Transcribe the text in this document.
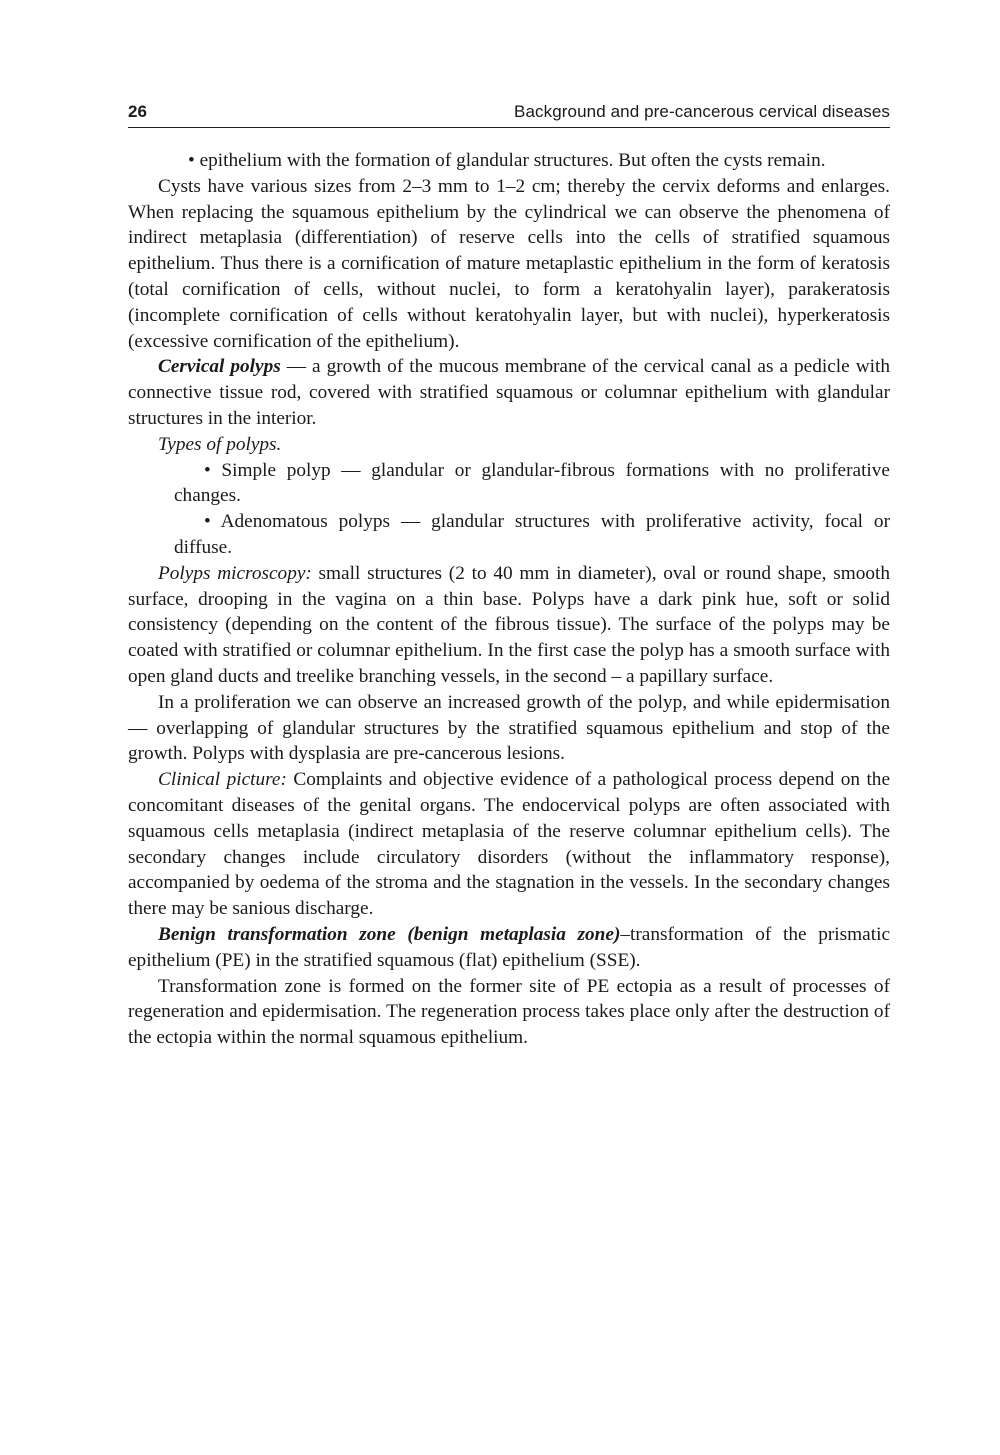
26	Background and pre-cancerous cervical diseases

• epithelium with the formation of glandular structures. But often the cysts remain.

Cysts have various sizes from 2–3 mm to 1–2 cm; thereby the cervix deforms and enlarges. When replacing the squamous epithelium by the cylindrical we can observe the phenomena of indirect metaplasia (differentiation) of reserve cells into the cells of stratified squamous epithelium. Thus there is a cornification of mature metaplastic epithelium in the form of keratosis (total cornification of cells, without nuclei, to form a keratohyalin layer), parakeratosis (incomplete cornification of cells without keratohyalin layer, but with nuclei), hyperkeratosis (excessive cornification of the epithelium).

Cervical polyps — a growth of the mucous membrane of the cervical canal as a pedicle with connective tissue rod, covered with stratified squamous or columnar epithelium with glandular structures in the interior.

Types of polyps.

• Simple polyp — glandular or glandular-fibrous formations with no proliferative changes.

• Adenomatous polyps — glandular structures with proliferative activity, focal or diffuse.

Polyps microscopy: small structures (2 to 40 mm in diameter), oval or round shape, smooth surface, drooping in the vagina on a thin base. Polyps have a dark pink hue, soft or solid consistency (depending on the content of the fibrous tissue). The surface of the polyps may be coated with stratified or columnar epithelium. In the first case the polyp has a smooth surface with open gland ducts and treelike branching vessels, in the second – a papillary surface.

In a proliferation we can observe an increased growth of the polyp, and while epidermisation — overlapping of glandular structures by the stratified squamous epithelium and stop of the growth. Polyps with dysplasia are pre-cancerous lesions.

Clinical picture: Complaints and objective evidence of a pathological process depend on the concomitant diseases of the genital organs. The endocervical polyps are often associated with squamous cells metaplasia (indirect metaplasia of the reserve columnar epithelium cells). The secondary changes include circulatory disorders (without the inflammatory response), accompanied by oedema of the stroma and the stagnation in the vessels. In the secondary changes there may be sanious discharge.

Benign transformation zone (benign metaplasia zone)–transformation of the prismatic epithelium (PE) in the stratified squamous (flat) epithelium (SSE).

Transformation zone is formed on the former site of PE ectopia as a result of processes of regeneration and epidermisation. The regeneration process takes place only after the destruction of the ectopia within the normal squamous epithelium.
